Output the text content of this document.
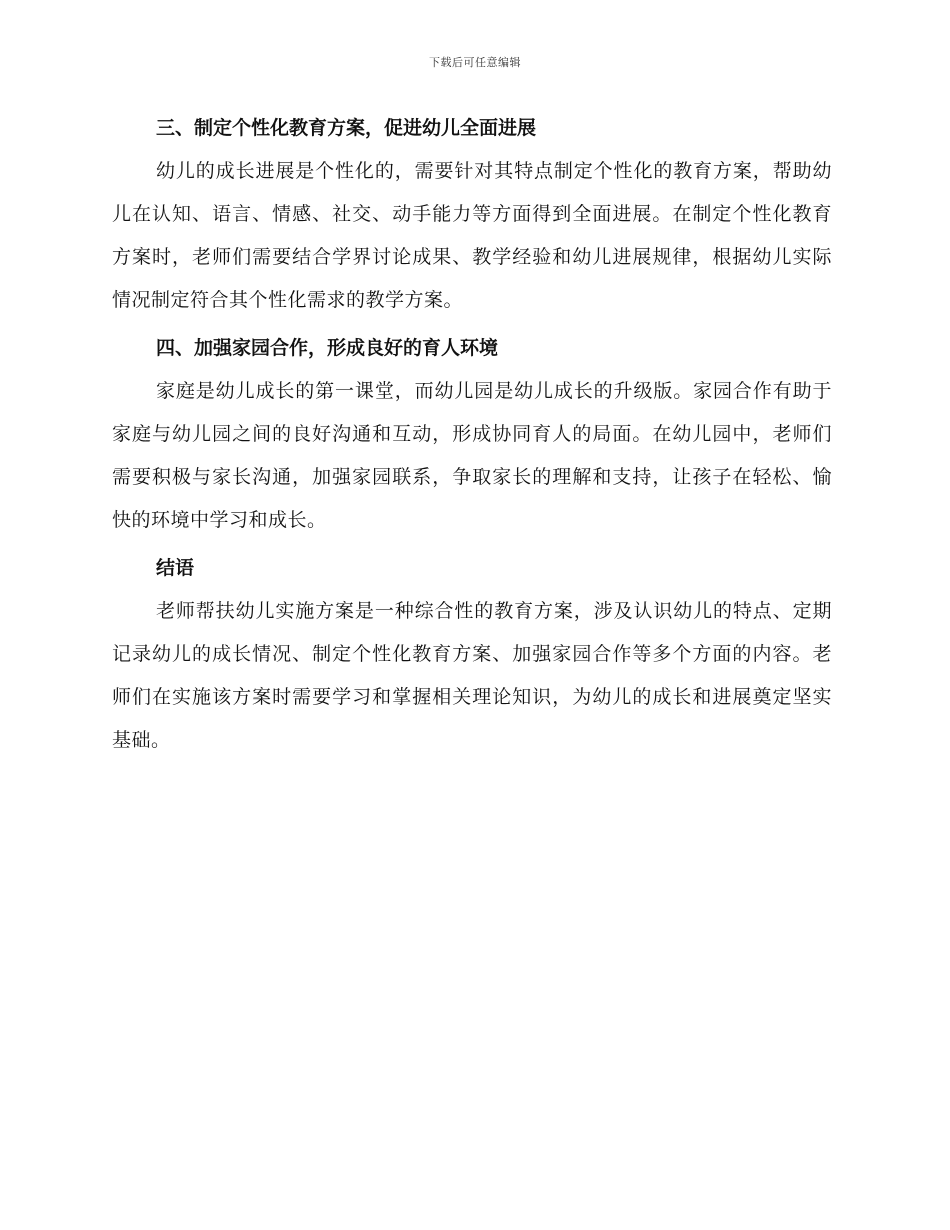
下载后可任意编辑
三、制定个性化教育方案，促进幼儿全面进展

幼儿的成长进展是个性化的，需要针对其特点制定个性化的教育方案，帮助幼儿在认知、语言、情感、社交、动手能力等方面得到全面进展。在制定个性化教育方案时，老师们需要结合学界讨论成果、教学经验和幼儿进展规律，根据幼儿实际情况制定符合其个性化需求的教学方案。

四、加强家园合作，形成良好的育人环境

家庭是幼儿成长的第一课堂，而幼儿园是幼儿成长的升级版。家园合作有助于家庭与幼儿园之间的良好沟通和互动，形成协同育人的局面。在幼儿园中，老师们需要积极与家长沟通，加强家园联系，争取家长的理解和支持，让孩子在轻松、愉快的环境中学习和成长。

结语

老师帮扶幼儿实施方案是一种综合性的教育方案，涉及认识幼儿的特点、定期记录幼儿的成长情况、制定个性化教育方案、加强家园合作等多个方面的内容。老师们在实施该方案时需要学习和掌握相关理论知识，为幼儿的成长和进展奠定坚实基础。
